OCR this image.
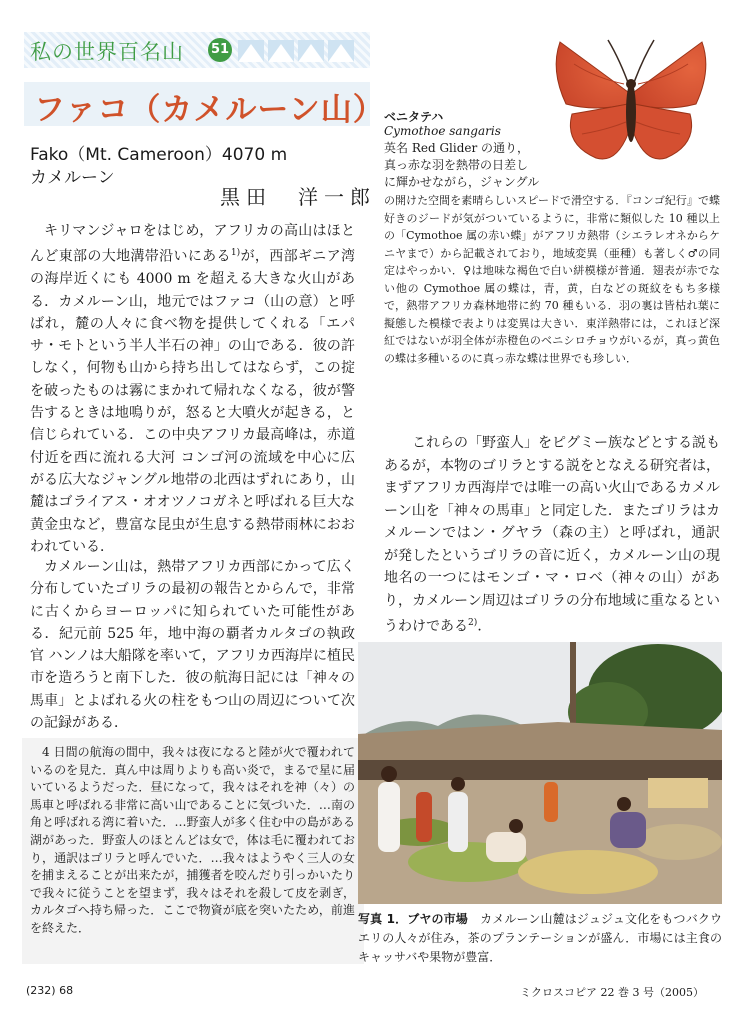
私の世界百名山 51
ファコ（カメルーン山）
Fako（Mt. Cameroon）4070 m
カメルーン
黒田　洋一郎

キリマンジャロをはじめ，アフリカの高山はほとんど東部の大地溝帯沿いにある$^{1)}$が，西部ギニア湾の海岸近くにも 4000 m を超える大きな火山がある．カメルーン山，地元ではファコ（山の意）と呼ばれ，麓の人々に食べ物を提供してくれる「エパサ・モトという半人半石の神」の山である．彼の許しなく，何物も山から持ち出してはならず，この掟を破ったものは霧にまかれて帰れなくなる，彼が警告するときは地鳴りが，怒ると大噴火が起きる，と信じられている．この中央アフリカ最高峰は，赤道付近を西に流れる大河 コンゴ河の流域を中心に広がる広大なジャングル地帯の北西はずれにあり，山麓はゴライアス・オオツノコガネと呼ばれる巨大な黄金虫など，豊富な昆虫が生息する熱帯雨林におおわれている．

カメルーン山は，熱帯アフリカ西部にかって広く分布していたゴリラの最初の報告とからんで，非常に古くからヨーロッパに知られていた可能性がある．紀元前 525 年，地中海の覇者カルタゴの執政官 ハンノは大船隊を率いて，アフリカ西海岸に植民市を造ろうと南下した．彼の航海日記には「神々の馬車」とよばれる火の柱をもつ山の周辺について次の記録がある．

4 日間の航海の間中，我々は夜になると陸が火で覆われているのを見た．真ん中は周りよりも高い炎で，まるで星に届いているようだった．昼になって，我々はそれを神（々）の馬車と呼ばれる非常に高い山であることに気づいた．…南の角と呼ばれる湾に着いた．…野蛮人が多く住む中の島がある湖があった．野蛮人のほとんどは女で，体は毛に覆われており，通訳はゴリラと呼んでいた．…我々はようやく三人の女を捕まえることが出来たが，捕獲者を咬んだり引っかいたりで我々に従うことを望まず，我々はそれを殺して皮を剥ぎ，カルタゴへ持ち帰った．ここで物資が底を突いたため，前進を終えた．

ベニタテハ
Cymothoe sangaris
英名 Red Glider の通り，
真っ赤な羽を熱帯の日差し
に輝かせながら，ジャングル

の開けた空間を素晴らしいスピードで滑空する．『コンゴ紀行』で蝶好きのジードが気がついているように，非常に類似した 10 種以上の「Cymothoe 属の赤い蝶」がアフリカ熱帯（シエラレオネからケニヤまで）から記載されており，地域変異（亜種）も著しく♂の同定はやっかい．♀は地味な褐色で白い絣模様が普通．翅表が赤でない他の Cymothoe 属の蝶は，青，黄，白などの斑紋をもち多様で，熱帯アフリカ森林地帯に約 70 種もいる．羽の裏は皆枯れ葉に擬態した模様で表よりは変異は大きい．東洋熱帯には，これほど深紅ではないが羽全体が赤橙色のベニシロチョウがいるが，真っ黄色の蝶は多種いるのに真っ赤な蝶は世界でも珍しい．

これらの「野蛮人」をピグミー族などとする説もあるが，本物のゴリラとする説をとなえる研究者は，まずアフリカ西海岸では唯一の高い火山であるカメルーン山を「神々の馬車」と同定した．またゴリラはカメルーンではン・グヤラ（森の主）と呼ばれ，通訳が発したというゴリラの音に近く，カメルーン山の現地名の一つにはモンゴ・マ・ロベ（神々の山）があり，カメルーン周辺はゴリラの分布地域に重なるというわけである$^{2)}$．

写真 1．ブヤの市場　 カメルーン山麓はジュジュ文化をもつバクウエリの人々が住み，茶のプランテーションが盛ん．市場には主食のキャッサバや果物が豊富．

(232) 68	ミクロスコピア 22 巻 3 号（2005）
